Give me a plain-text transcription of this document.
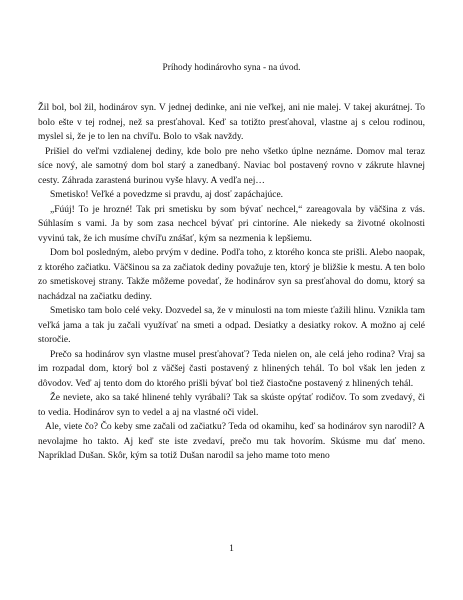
Príhody hodinárovho syna - na úvod.

Žil bol, bol žil, hodinárov syn. V jednej dedinke, ani nie veľkej, ani nie malej. V takej akurátnej. To bolo ešte v tej rodnej, než sa presťahoval. Keď sa totižto presťahoval, vlastne aj s celou rodinou, myslel si, že je to len na chvíľu. Bolo to však navždy.

Prišiel do veľmi vzdialenej dediny, kde bolo pre neho všetko úplne neznáme. Domov mal teraz síce nový, ale samotný dom bol starý a zanedbaný. Naviac bol postavený rovno v zákrute hlavnej cesty. Záhrada zarastená burinou vyše hlavy. A vedľa nej…

Smetisko! Veľké a povedzme si pravdu, aj dosť zapáchajúce.

„Fúúj! To je hrozné! Tak pri smetisku by som bývať nechcel,“ zareagovala by väčšina z vás. Súhlasím s vami. Ja by som zasa nechcel bývať pri cintoríne. Ale niekedy sa životné okolnosti vyvinú tak, že ich musíme chvíľu znášať, kým sa nezmenia k lepšiemu.

Dom bol posledným, alebo prvým v dedine. Podľa toho, z ktorého konca ste prišli. Alebo naopak, z ktorého začiatku. Väčšinou sa za začiatok dediny považuje ten, ktorý je bližšie k mestu. A ten bolo zo smetiskovej strany. Takže môžeme povedať, že hodinárov syn sa presťahoval do domu, ktorý sa nachádzal na začiatku dediny.

Smetisko tam bolo celé veky. Dozvedel sa, že v minulosti na tom mieste ťažili hlinu. Vznikla tam veľká jama a tak ju začali využívať na smeti a odpad. Desiatky a desiatky rokov. A možno aj celé storočie.

Prečo sa hodinárov syn vlastne musel presťahovať? Teda nielen on, ale celá jeho rodina? Vraj sa im rozpadal dom, ktorý bol z väčšej časti postavený z hlinených tehál. To bol však len jeden z dôvodov. Veď aj tento dom do ktorého prišli bývať bol tiež čiastočne postavený z hlinených tehál.

Že neviete, ako sa také hlinené tehly vyrábali? Tak sa skúste opýtať rodičov. To som zvedavý, či to vedia. Hodinárov syn to vedel a aj na vlastné oči videl.

Ale, viete čo? Čo keby sme začali od začiatku? Teda od okamihu, keď sa hodinárov syn narodil? A nevolajme ho takto. Aj keď ste iste zvedaví, prečo mu tak hovorím. Skúsme mu dať meno. Napríklad Dušan. Skôr, kým sa totiž Dušan narodil sa jeho mame toto meno

1
